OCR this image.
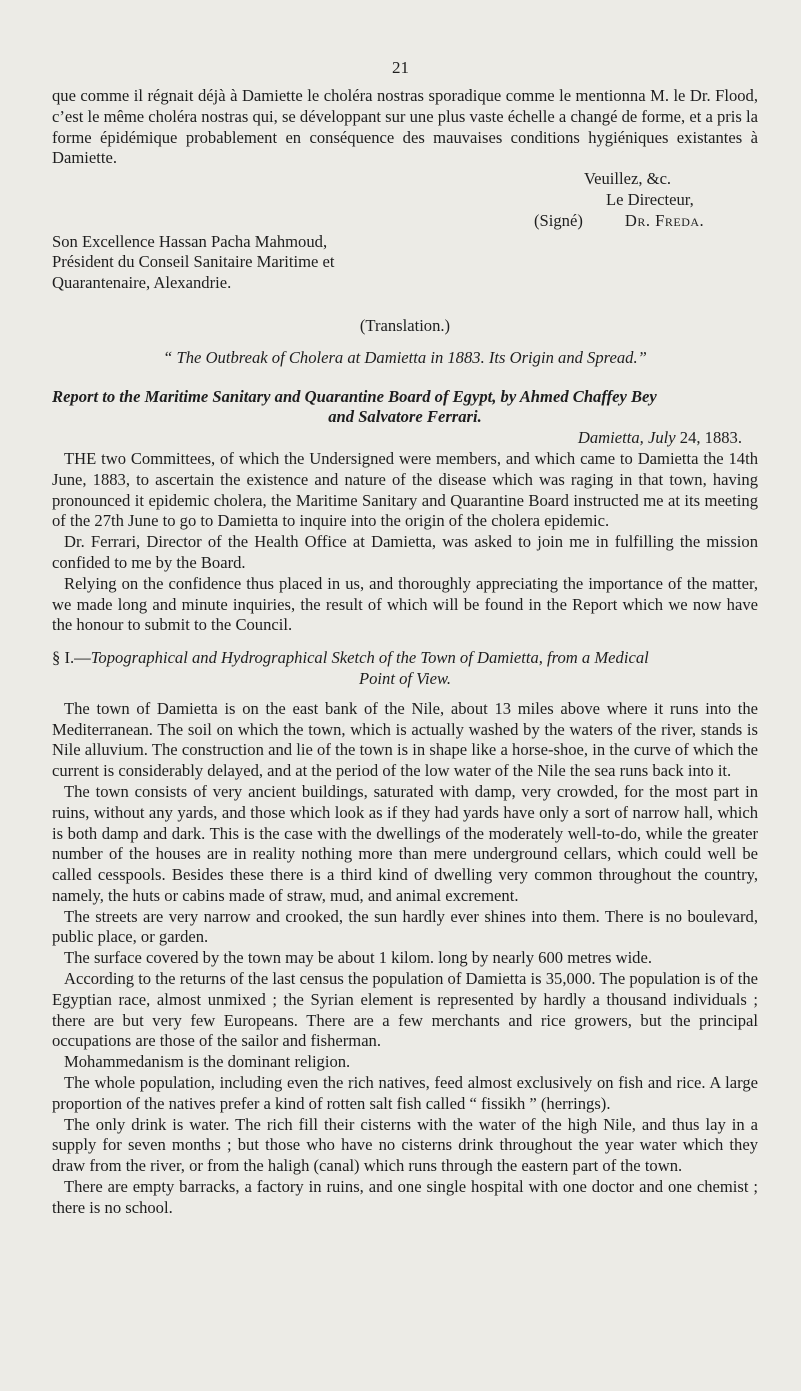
21

que comme il régnait déjà à Damiette le choléra nostras sporadique comme le mentionna M. le Dr. Flood, c’est le même choléra nostras qui, se développant sur une plus vaste échelle a changé de forme, et a pris la forme épidémique probablement en conséquence des mauvaises conditions hygiéniques existantes à Damiette.

Veuillez, &c.

Le Directeur,

(Signé)	Dr. Freda.

Son Excellence Hassan Pacha Mahmoud,

Président du Conseil Sanitaire Maritime et

Quarantenaire, Alexandrie.

(Translation.)

“ The Outbreak of Cholera at Damietta in 1883. Its Origin and Spread.”

Report to the Maritime Sanitary and Quarantine Board of Egypt, by Ahmed Chaffey Bey

and Salvatore Ferrari.

Damietta, July 24, 1883.

THE two Committees, of which the Undersigned were members, and which came to Damietta the 14th June, 1883, to ascertain the existence and nature of the disease which was raging in that town, having pronounced it epidemic cholera, the Maritime Sanitary and Quarantine Board instructed me at its meeting of the 27th June to go to Damietta to inquire into the origin of the cholera epidemic.

Dr. Ferrari, Director of the Health Office at Damietta, was asked to join me in fulfilling the mission confided to me by the Board.

Relying on the confidence thus placed in us, and thoroughly appreciating the importance of the matter, we made long and minute inquiries, the result of which will be found in the Report which we now have the honour to submit to the Council.

§ I.—Topographical and Hydrographical Sketch of the Town of Damietta, from a Medical

Point of View.

The town of Damietta is on the east bank of the Nile, about 13 miles above where it runs into the Mediterranean. The soil on which the town, which is actually washed by the waters of the river, stands is Nile alluvium. The construction and lie of the town is in shape like a horse-shoe, in the curve of which the current is considerably delayed, and at the period of the low water of the Nile the sea runs back into it.

The town consists of very ancient buildings, saturated with damp, very crowded, for the most part in ruins, without any yards, and those which look as if they had yards have only a sort of narrow hall, which is both damp and dark. This is the case with the dwellings of the moderately well-to-do, while the greater number of the houses are in reality nothing more than mere underground cellars, which could well be called cesspools. Besides these there is a third kind of dwelling very common throughout the country, namely, the huts or cabins made of straw, mud, and animal excrement.

The streets are very narrow and crooked, the sun hardly ever shines into them. There is no boulevard, public place, or garden.

The surface covered by the town may be about 1 kilom. long by nearly 600 metres wide.

According to the returns of the last census the population of Damietta is 35,000. The population is of the Egyptian race, almost unmixed ; the Syrian element is represented by hardly a thousand individuals ; there are but very few Europeans. There are a few merchants and rice growers, but the principal occupations are those of the sailor and fisherman.

Mohammedanism is the dominant religion.

The whole population, including even the rich natives, feed almost exclusively on fish and rice. A large proportion of the natives prefer a kind of rotten salt fish called “ fissikh ” (herrings).

The only drink is water. The rich fill their cisterns with the water of the high Nile, and thus lay in a supply for seven months ; but those who have no cisterns drink throughout the year water which they draw from the river, or from the haligh (canal) which runs through the eastern part of the town.

There are empty barracks, a factory in ruins, and one single hospital with one doctor and one chemist ; there is no school.
